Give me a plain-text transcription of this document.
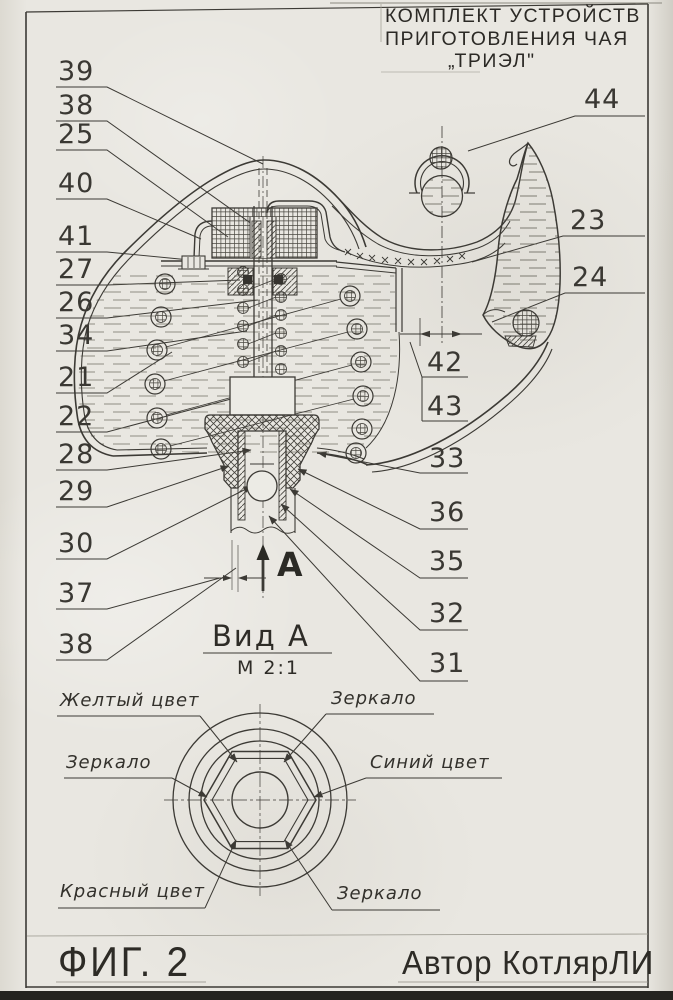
КОМПЛЕКТ УСТРОЙСТВ
ПРИГОТОВЛЕНИЯ ЧАЯ
„ТРИЭЛ"
39
38
25
40
41
27
26
34
21
22
28
29
30
37
38
44
23
24
42
43
33
36
35
32
31
Вид А
М 2:1
А
Желтый цвет	Зеркало
Зеркало	Синий цвет
Красный цвет	Зеркало
ФИГ. 2	Автор КотлярЛИ
